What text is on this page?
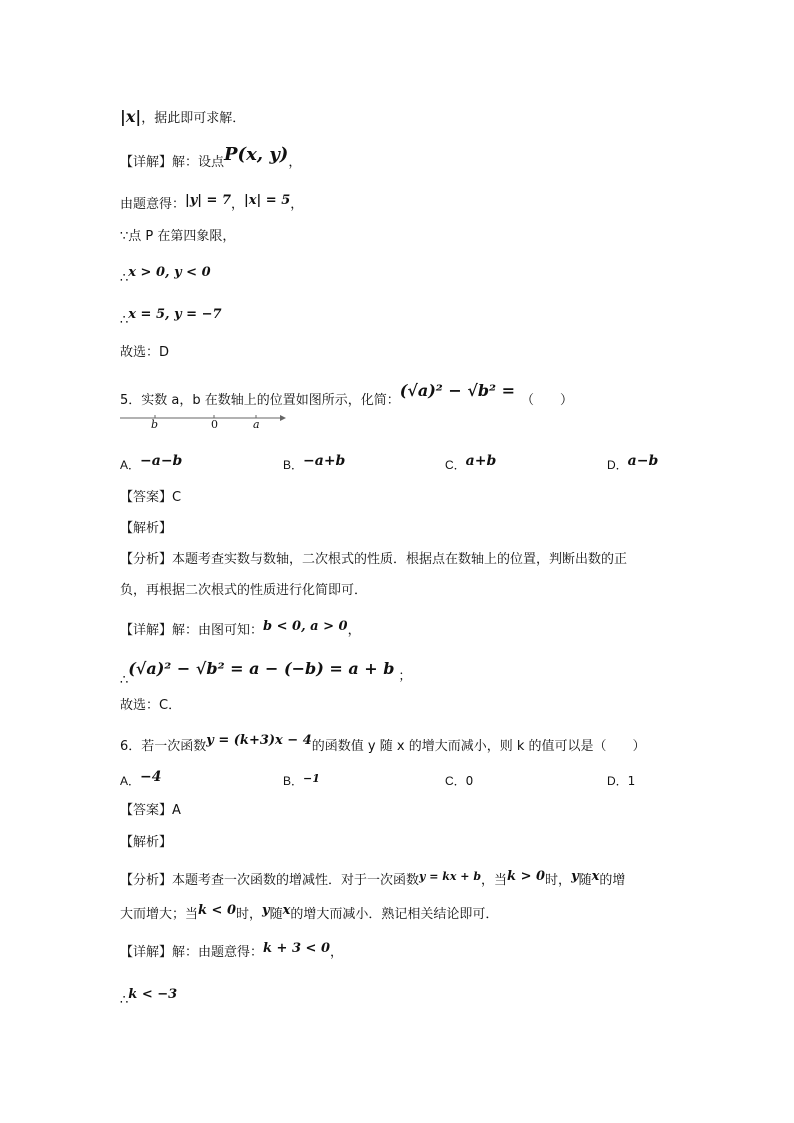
|x|，据此即可求解．
【详解】解：设点P(x, y)，
由题意得：|y| = 7，|x| = 5，
∵点 P 在第四象限，
∴x > 0, y < 0
∴x = 5, y = −7
故选：D
5．实数 a，b 在数轴上的位置如图所示，化简：(√a)² − √b² =（　　）
b	0	a
A．−a−b	B．−a+b	C．a+b	D．a−b
【答案】C
【解析】
【分析】本题考查实数与数轴，二次根式的性质．根据点在数轴上的位置，判断出数的正
负，再根据二次根式的性质进行化简即可．
【详解】解：由图可知：b < 0, a > 0，
∴(√a)² − √b² = a − (−b) = a + b ；
故选：C．
6．若一次函数y = (k+3)x − 4的函数值 y 随 x 的增大而减小，则 k 的值可以是（　　）
A．−4	B．−1	C．0	D．1
【答案】A
【解析】
【分析】本题考查一次函数的增减性．对于一次函数$^{y = kx + b}$，当k > 0时，y随x的增
大而增大；当k < 0时，y随x的增大而减小．熟记相关结论即可．
【详解】解：由题意得：k + 3 < 0，
∴k < −3
